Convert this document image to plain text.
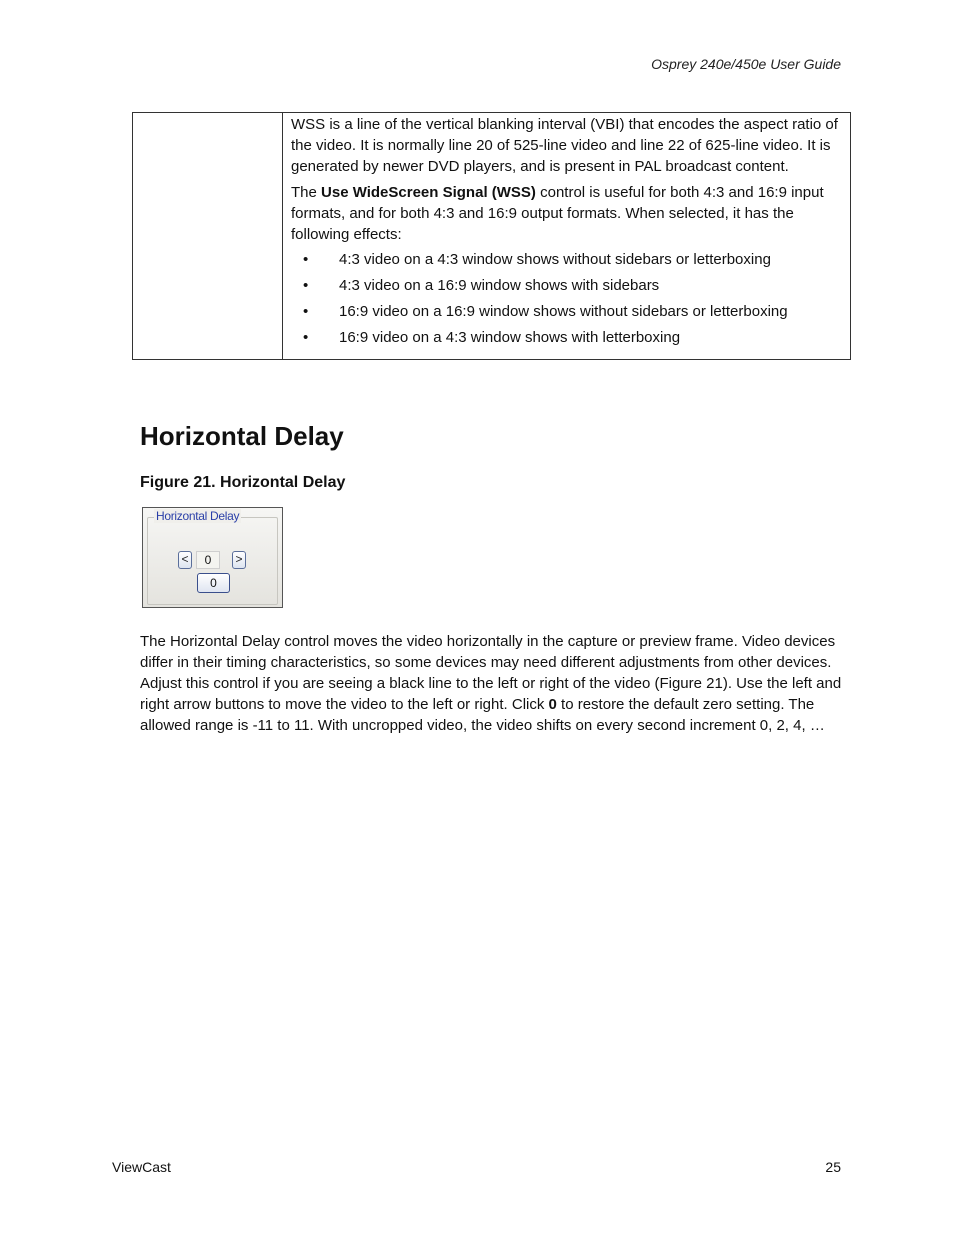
Osprey 240e/450e User Guide

WSS is a line of the vertical blanking interval (VBI) that encodes the aspect ratio of the video. It is normally line 20 of 525-line video and line 22 of 625-line video. It is generated by newer DVD players, and is present in PAL broadcast content.

The Use WideScreen Signal (WSS) control is useful for both 4:3 and 16:9 input formats, and for both 4:3 and 16:9 output formats. When selected, it has the following effects:

• 4:3 video on a 4:3 window shows without sidebars or letterboxing
• 4:3 video on a 16:9 window shows with sidebars
• 16:9 video on a 16:9 window shows without sidebars or letterboxing
• 16:9 video on a 4:3 window shows with letterboxing
Horizontal Delay
Figure 21. Horizontal Delay
Horizontal Delay
<	0	>
0

The Horizontal Delay control moves the video horizontally in the capture or preview frame. Video devices differ in their timing characteristics, so some devices may need different adjustments from other devices. Adjust this control if you are seeing a black line to the left or right of the video (Figure 21). Use the left and right arrow buttons to move the video to the left or right. Click 0 to restore the default zero setting. The allowed range is -11 to 11. With uncropped video, the video shifts on every second increment 0, 2, 4, …

ViewCast	25
